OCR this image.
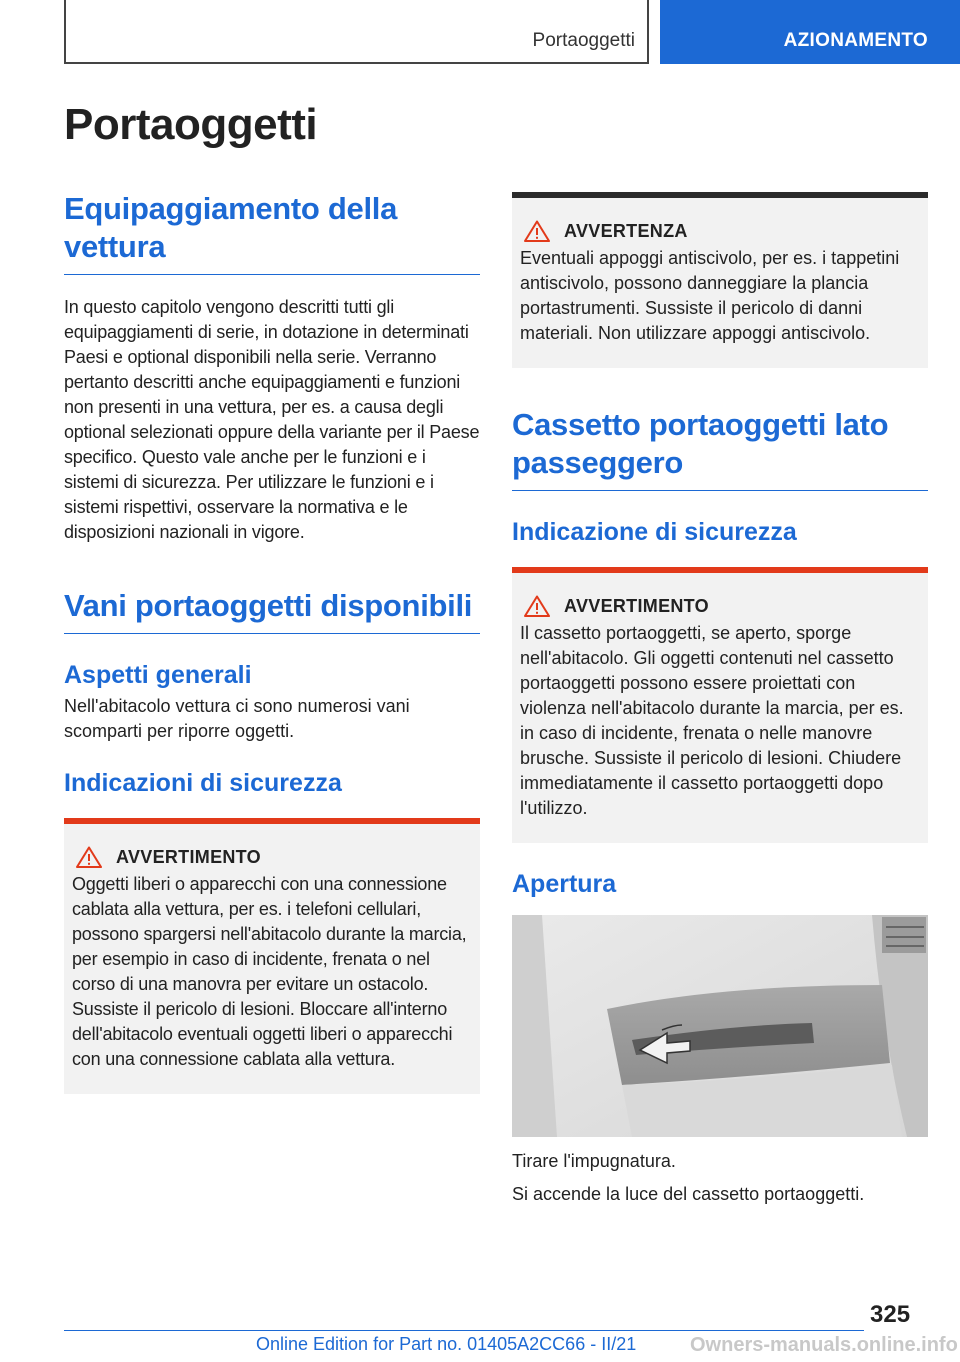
Portaoggetti	AZIONAMENTO
Portaoggetti
Equipaggiamento della vettura

In questo capitolo vengono descritti tutti gli equipaggiamenti di serie, in dotazione in determinati Paesi e optional disponibili nella serie. Verranno pertanto descritti anche equipaggiamenti e funzioni non presenti in una vettura, per es. a causa degli optional selezionati oppure della variante per il Paese specifico. Questo vale anche per le funzioni e i sistemi di sicurezza. Per utilizzare le funzioni e i sistemi rispettivi, osservare la normativa e le disposizioni nazionali in vigore.

Vani portaoggetti disponibili
Aspetti generali

Nell'abitacolo vettura ci sono numerosi vani scomparti per riporre oggetti.

Indicazioni di sicurezza
AVVERTIMENTO

Oggetti liberi o apparecchi con una connessione cablata alla vettura, per es. i telefoni cellulari, possono spargersi nell'abitacolo durante la marcia, per esempio in caso di incidente, frenata o nel corso di una manovra per evitare un ostacolo. Sussiste il pericolo di lesioni. Bloccare all'interno dell'abitacolo eventuali oggetti liberi o apparecchi con una connessione cablata alla vettura.

AVVERTENZA

Eventuali appoggi antiscivolo, per es. i tappetini antiscivolo, possono danneggiare la plancia portastrumenti. Sussiste il pericolo di danni materiali. Non utilizzare appoggi antiscivolo.

Cassetto portaoggetti lato passeggero
Indicazione di sicurezza
AVVERTIMENTO

Il cassetto portaoggetti, se aperto, sporge nell'abitacolo. Gli oggetti contenuti nel cassetto portaoggetti possono essere proiettati con violenza nell'abitacolo durante la marcia, per es. in caso di incidente, frenata o nelle manovre brusche. Sussiste il pericolo di lesioni. Chiudere immediatamente il cassetto portaoggetti dopo l'utilizzo.

Apertura

Tirare l'impugnatura.

Si accende la luce del cassetto portaoggetti.

325
Online Edition for Part no. 01405A2CC66 - II/21	Owners-manuals.online.info
